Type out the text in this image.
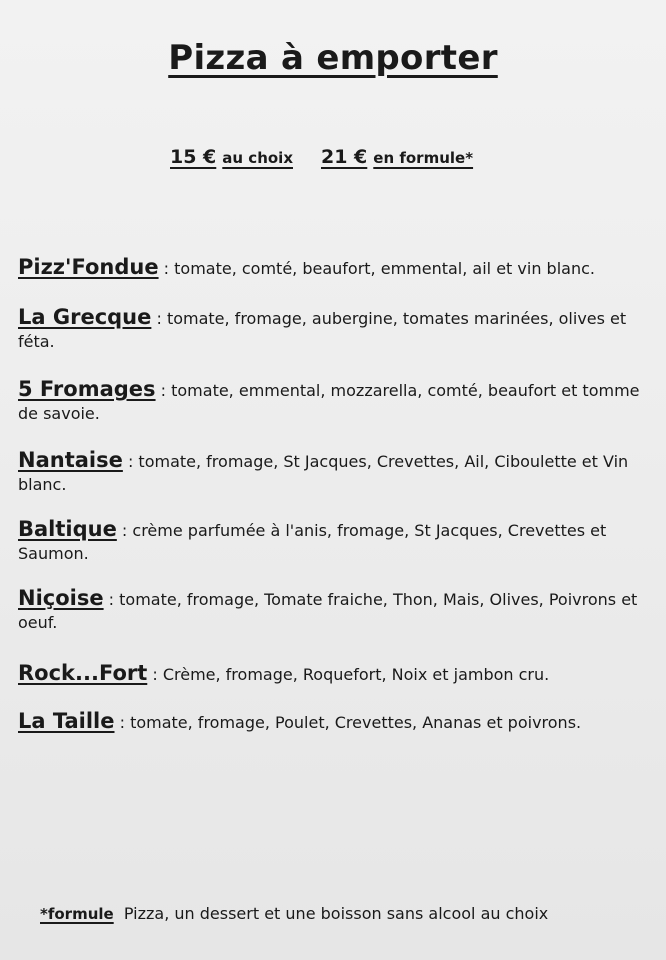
Pizza à emporter
15 € au choix 21 € en formule*
Pizz'Fondue : tomate, comté, beaufort, emmental, ail et vin blanc.
La Grecque : tomate, fromage, aubergine, tomates marinées, olives et féta.
5 Fromages : tomate, emmental, mozzarella, comté, beaufort et tomme de savoie.
Nantaise : tomate, fromage, St Jacques, Crevettes, Ail, Ciboulette et Vin blanc.
Baltique : crème parfumée à l'anis, fromage, St Jacques, Crevettes et Saumon.
Niçoise : tomate, fromage, Tomate fraiche, Thon, Mais, Olives, Poivrons et oeuf.
Rock...Fort : Crème, fromage, Roquefort, Noix et jambon cru.
La Taille : tomate, fromage, Poulet, Crevettes, Ananas et poivrons.
*formule Pizza, un dessert et une boisson sans alcool au choix
